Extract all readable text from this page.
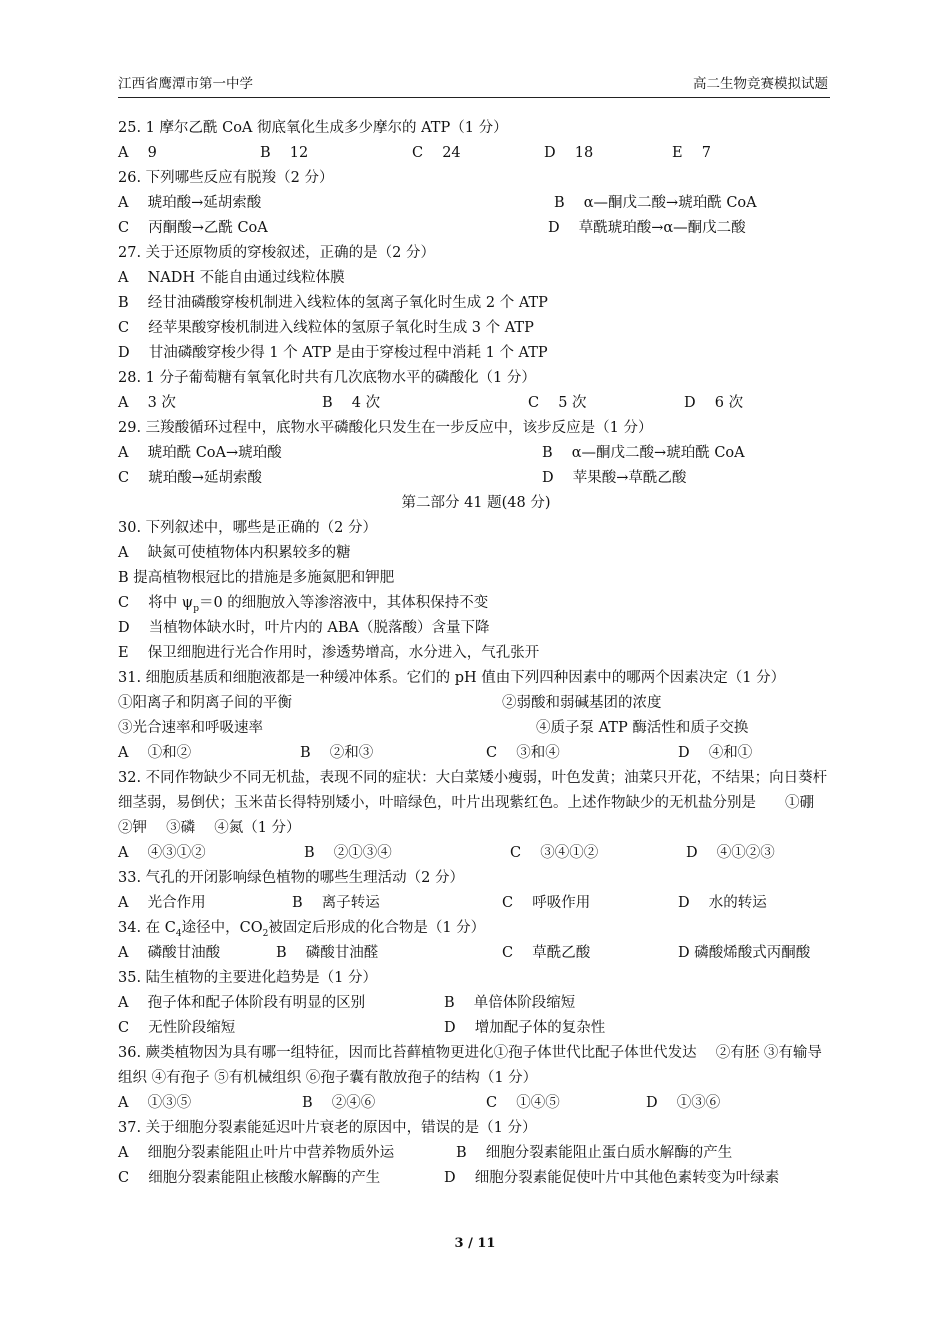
江西省鹰潭市第一中学	高二生物竞赛模拟试题
25. 1 摩尔乙酰 CoA 彻底氧化生成多少摩尔的 ATP（1 分）
A　 9	B　 12	C　 24	D　 18	E　 7
26. 下列哪些反应有脱羧（2 分）
A　 琥珀酸→延胡索酸	B　 α—酮戊二酸→琥珀酰 CoA
C　 丙酮酸→乙酰 CoA	D　 草酰琥珀酸→α—酮戊二酸
27. 关于还原物质的穿梭叙述，正确的是（2 分）
A　 NADH 不能自由通过线粒体膜
B　 经甘油磷酸穿梭机制进入线粒体的氢离子氧化时生成 2 个 ATP
C　 经苹果酸穿梭机制进入线粒体的氢原子氧化时生成 3 个 ATP
D　 甘油磷酸穿梭少得 1 个 ATP 是由于穿梭过程中消耗 1 个 ATP
28. 1 分子葡萄糖有氧氧化时共有几次底物水平的磷酸化（1 分）
A　 3 次	B　 4 次	C　 5 次	D　 6 次
29. 三羧酸循环过程中，底物水平磷酸化只发生在一步反应中，该步反应是（1 分）
A　 琥珀酰 CoA→琥珀酸	B　 α—酮戊二酸→琥珀酰 CoA
C　 琥珀酸→延胡索酸	D　 苹果酸→草酰乙酸
第二部分 41 题(48 分)
30. 下列叙述中，哪些是正确的（2 分）
A　 缺氮可使植物体内积累较多的糖
B 提高植物根冠比的措施是多施氮肥和钾肥
C　 将中 $\psi_p=0$ 的细胞放入等渗溶液中，其体积保持不变
D　 当植物体缺水时，叶片内的 ABA（脱落酸）含量下降
E　 保卫细胞进行光合作用时，渗透势增高，水分进入，气孔张开
31. 细胞质基质和细胞液都是一种缓冲体系。它们的 pH 值由下列四种因素中的哪两个因素决定（1 分）
①阳离子和阴离子间的平衡	②弱酸和弱碱基团的浓度
③光合速率和呼吸速率	④质子泵 ATP 酶活性和质子交换
A　 ①和②	B　 ②和③	C　 ③和④	D　 ④和①
32. 不同作物缺少不同无机盐，表现不同的症状：大白菜矮小瘦弱，叶色发黄；油菜只开花，不结果；向日葵杆细茎弱，易倒伏；玉米苗长得特别矮小，叶暗绿色，叶片出现紫红色。上述作物缺少的无机盐分别是　　①硼　 ②钾　 ③磷　 ④氮（1 分）
A　 ④③①②	B　 ②①③④	C　 ③④①②	D　 ④①②③
33. 气孔的开闭影响绿色植物的哪些生理活动（2 分）
A　 光合作用	B　 离子转运	C　 呼吸作用	D　 水的转运
34. 在 $C_4$途径中，$CO_2$被固定后形成的化合物是（1 分）
A　 磷酸甘油酸	B　 磷酸甘油醛	C　 草酰乙酸	D 磷酸烯酸式丙酮酸
35. 陆生植物的主要进化趋势是（1 分）
A　 孢子体和配子体阶段有明显的区别	B　 单倍体阶段缩短
C　 无性阶段缩短	D　 增加配子体的复杂性
36. 蕨类植物因为具有哪一组特征，因而比苔藓植物更进化①孢子体世代比配子体世代发达　 ②有胚 ③有输导组织 ④有孢子 ⑤有机械组织 ⑥孢子囊有散放孢子的结构（1 分）
A　 ①③⑤	B　 ②④⑥	C　 ①④⑤	D　 ①③⑥
37. 关于细胞分裂素能延迟叶片衰老的原因中，错误的是（1 分）
A　 细胞分裂素能阻止叶片中营养物质外运	B　 细胞分裂素能阻止蛋白质水解酶的产生
C　 细胞分裂素能阻止核酸水解酶的产生	D　 细胞分裂素能促使叶片中其他色素转变为叶绿素
3 / 11
